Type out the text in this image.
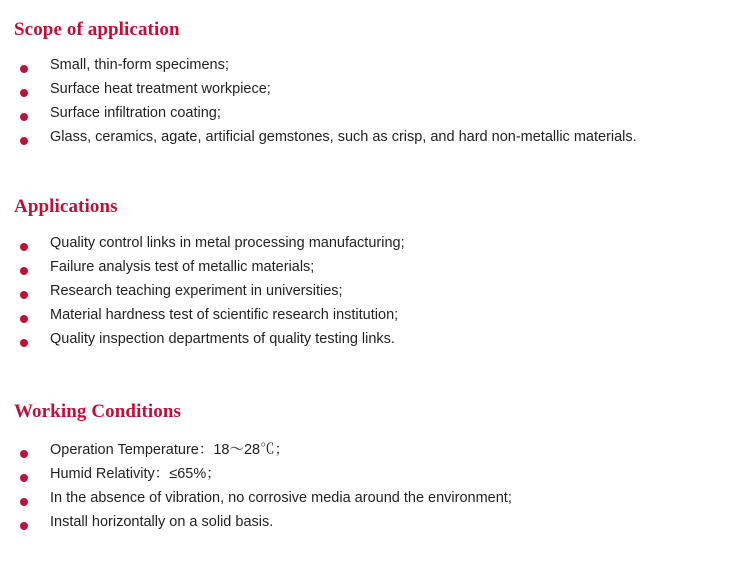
Scope of application
Small, thin-form specimens;
Surface heat treatment workpiece;
Surface infiltration coating;
Glass, ceramics, agate, artificial gemstones, such as crisp, and hard non-metallic materials.
Applications
Quality control links in metal processing manufacturing;
Failure analysis test of metallic materials;
Research teaching experiment in universities;
Material hardness test of scientific research institution;
Quality inspection departments of quality testing links.
Working Conditions
Operation Temperature：18～28℃；
Humid Relativity：≤65%；
In the absence of vibration, no corrosive media around the environment;
Install horizontally on a solid basis.
